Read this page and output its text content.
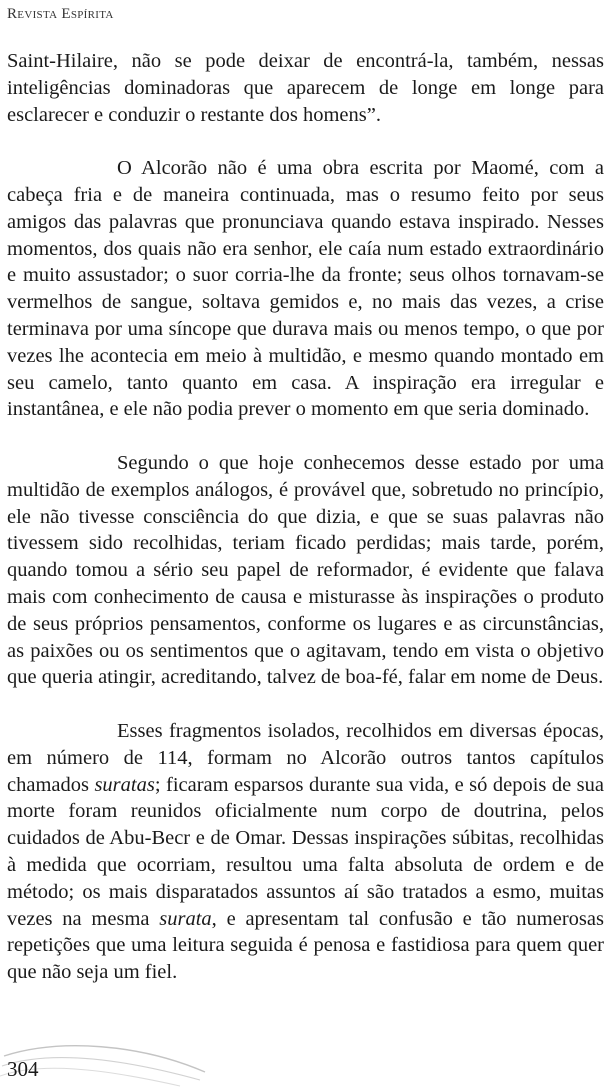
Revista Espírita

Saint-Hilaire, não se pode deixar de encontrá-la, também, nessas inteligências dominadoras que aparecem de longe em longe para esclarecer e conduzir o restante dos homens”.

O Alcorão não é uma obra escrita por Maomé, com a cabeça fria e de maneira continuada, mas o resumo feito por seus amigos das palavras que pronunciava quando estava inspirado. Nesses momentos, dos quais não era senhor, ele caía num estado extraordinário e muito assustador; o suor corria-lhe da fronte; seus olhos tornavam-se vermelhos de sangue, soltava gemidos e, no mais das vezes, a crise terminava por uma síncope que durava mais ou menos tempo, o que por vezes lhe acontecia em meio à multidão, e mesmo quando montado em seu camelo, tanto quanto em casa. A inspiração era irregular e instantânea, e ele não podia prever o momento em que seria dominado.

Segundo o que hoje conhecemos desse estado por uma multidão de exemplos análogos, é provável que, sobretudo no princípio, ele não tivesse consciência do que dizia, e que se suas palavras não tivessem sido recolhidas, teriam ficado perdidas; mais tarde, porém, quando tomou a sério seu papel de reformador, é evidente que falava mais com conhecimento de causa e misturasse às inspirações o produto de seus próprios pensamentos, conforme os lugares e as circunstâncias, as paixões ou os sentimentos que o agitavam, tendo em vista o objetivo que queria atingir, acreditando, talvez de boa-fé, falar em nome de Deus.

Esses fragmentos isolados, recolhidos em diversas épocas, em número de 114, formam no Alcorão outros tantos capítulos chamados suratas; ficaram esparsos durante sua vida, e só depois de sua morte foram reunidos oficialmente num corpo de doutrina, pelos cuidados de Abu-Becr e de Omar. Dessas inspirações súbitas, recolhidas à medida que ocorriam, resultou uma falta absoluta de ordem e de método; os mais disparatados assuntos aí são tratados a esmo, muitas vezes na mesma surata, e apresentam tal confusão e tão numerosas repetições que uma leitura seguida é penosa e fastidiosa para quem quer que não seja um fiel.

304
